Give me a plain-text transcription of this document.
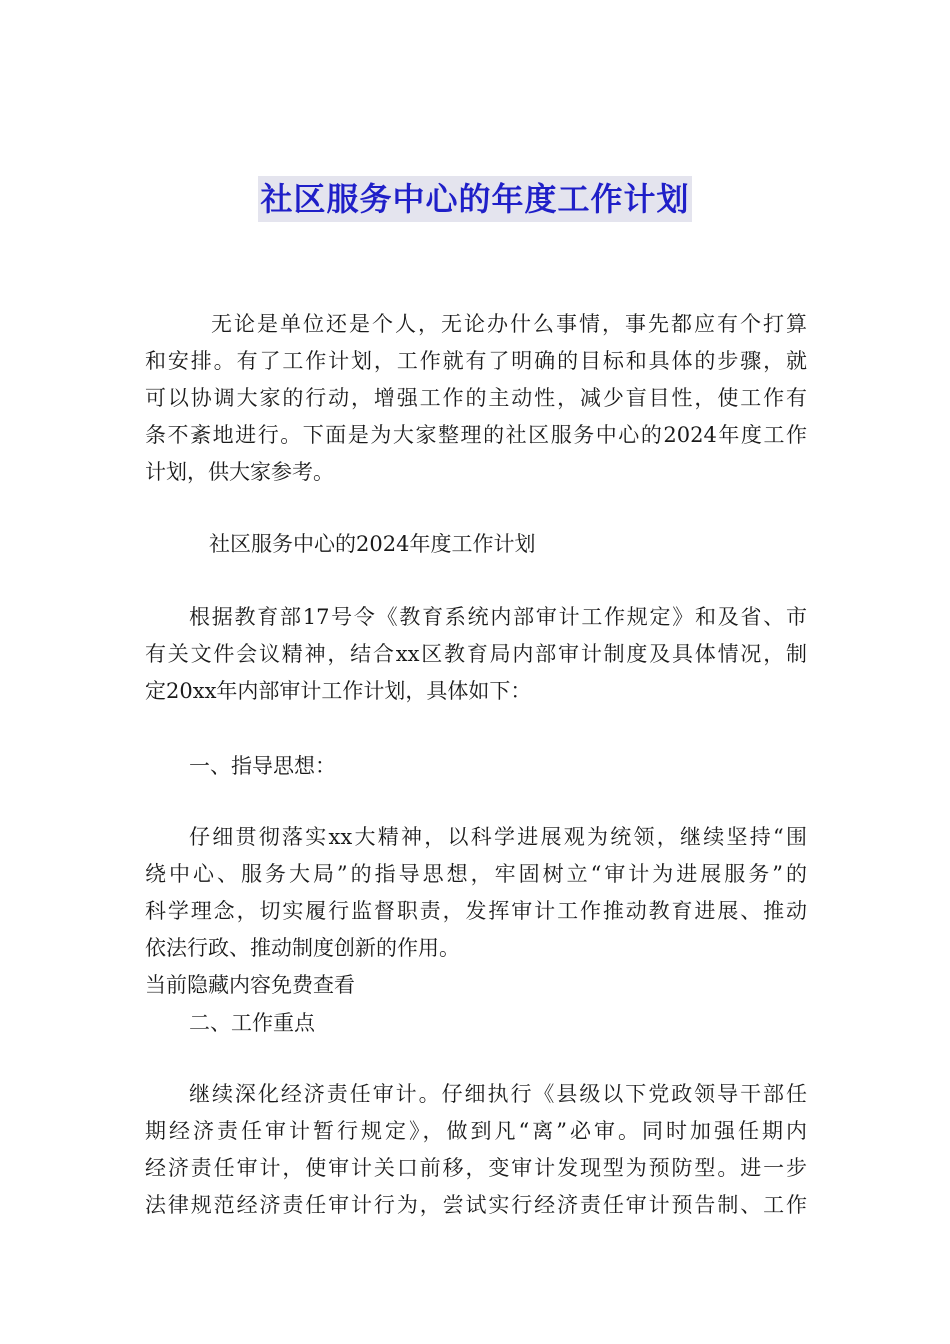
社区服务中心的年度工作计划
无论是单位还是个人，无论办什么事情，事先都应有个打算
和安排。有了工作计划，工作就有了明确的目标和具体的步骤，就
可以协调大家的行动，增强工作的主动性，减少盲目性，使工作有
条不紊地进行。下面是为大家整理的社区服务中心的2024年度工作
计划，供大家参考。

社区服务中心的2024年度工作计划

根据教育部17号令《教育系统内部审计工作规定》和及省、市
有关文件会议精神，结合xx区教育局内部审计制度及具体情况，制
定20xx年内部审计工作计划，具体如下：

一、指导思想：

仔细贯彻落实xx大精神，以科学进展观为统领，继续坚持“围
绕中心、服务大局”的指导思想，牢固树立“审计为进展服务”的
科学理念，切实履行监督职责，发挥审计工作推动教育进展、推动
依法行政、推动制度创新的作用。

当前隐藏内容免费查看

二、工作重点

继续深化经济责任审计。仔细执行《县级以下党政领导干部任
期经济责任审计暂行规定》，做到凡“离”必审。同时加强任期内
经济责任审计，使审计关口前移，变审计发现型为预防型。进一步
法律规范经济责任审计行为，尝试实行经济责任审计预告制、工作
